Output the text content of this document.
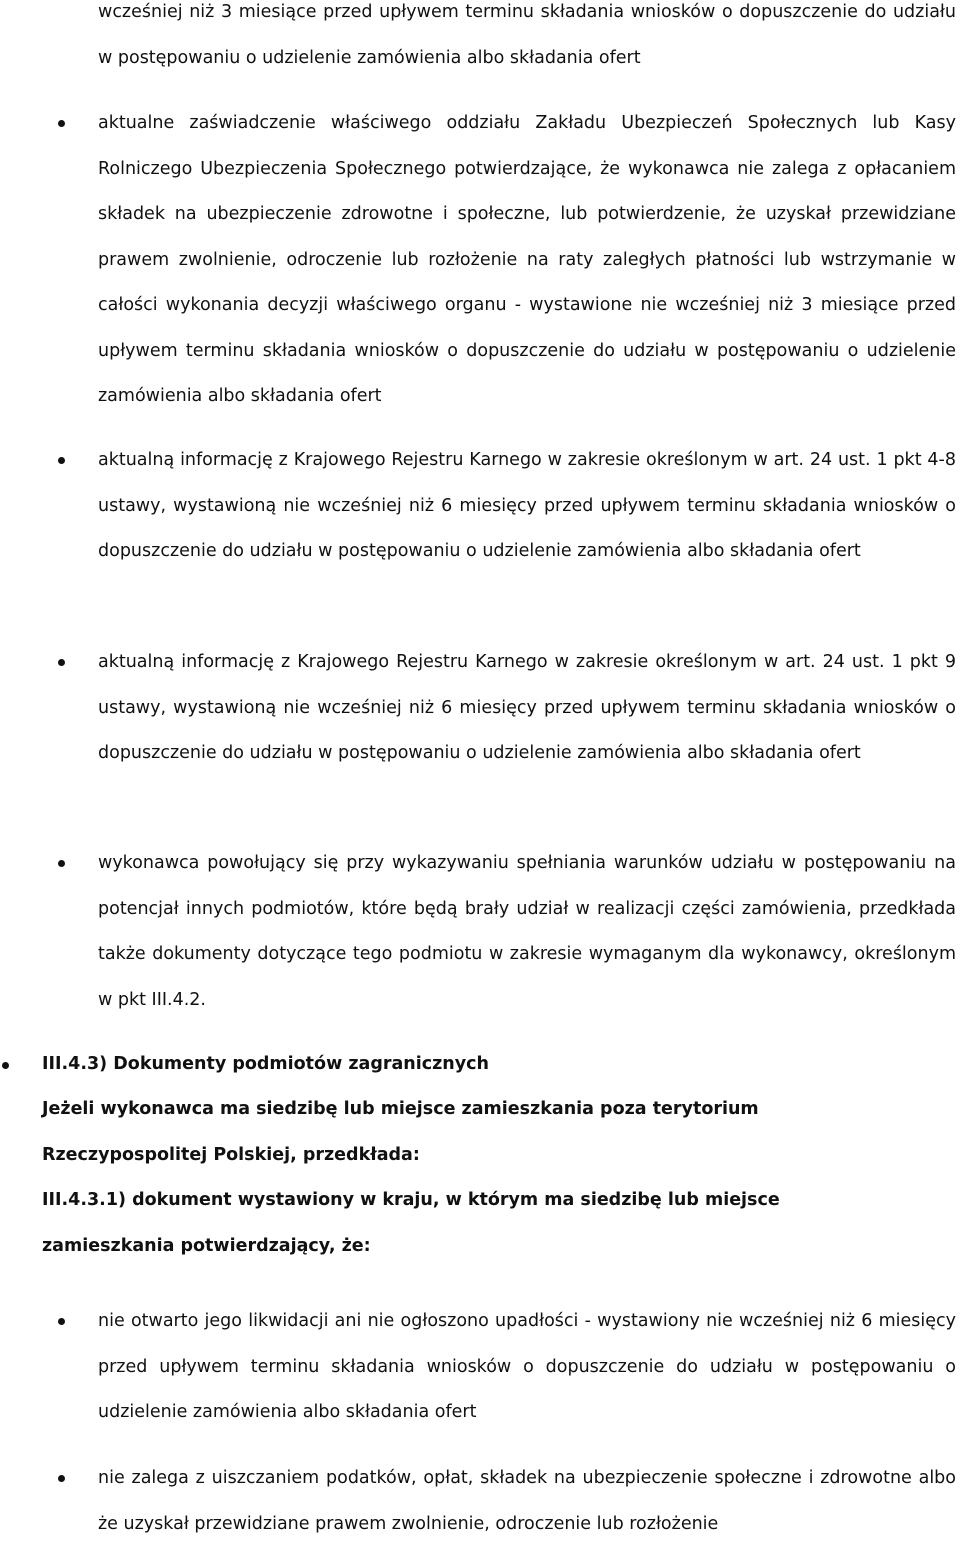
wcześniej niż 3 miesiące przed upływem terminu składania wniosków o dopuszczenie do udziału w postępowaniu o udzielenie zamówienia albo składania ofert

aktualne zaświadczenie właściwego oddziału Zakładu Ubezpieczeń Społecznych lub Kasy Rolniczego Ubezpieczenia Społecznego potwierdzające, że wykonawca nie zalega z opłacaniem składek na ubezpieczenie zdrowotne i społeczne, lub potwierdzenie, że uzyskał przewidziane prawem zwolnienie, odroczenie lub rozłożenie na raty zaległych płatności lub wstrzymanie w całości wykonania decyzji właściwego organu - wystawione nie wcześniej niż 3 miesiące przed upływem terminu składania wniosków o dopuszczenie do udziału w postępowaniu o udzielenie zamówienia albo składania ofert

aktualną informację z Krajowego Rejestru Karnego w zakresie określonym w art. 24 ust. 1 pkt 4-8 ustawy, wystawioną nie wcześniej niż 6 miesięcy przed upływem terminu składania wniosków o dopuszczenie do udziału w postępowaniu o udzielenie zamówienia albo składania ofert

aktualną informację z Krajowego Rejestru Karnego w zakresie określonym w art. 24 ust. 1 pkt 9 ustawy, wystawioną nie wcześniej niż 6 miesięcy przed upływem terminu składania wniosków o dopuszczenie do udziału w postępowaniu o udzielenie zamówienia albo składania ofert

wykonawca powołujący się przy wykazywaniu spełniania warunków udziału w postępowaniu na potencjał innych podmiotów, które będą brały udział w realizacji części zamówienia, przedkłada także dokumenty dotyczące tego podmiotu w zakresie wymaganym dla wykonawcy, określonym w pkt III.4.2.

III.4.3) Dokumenty podmiotów zagranicznych

Jeżeli wykonawca ma siedzibę lub miejsce zamieszkania poza terytorium Rzeczypospolitej Polskiej, przedkłada:

III.4.3.1) dokument wystawiony w kraju, w którym ma siedzibę lub miejsce zamieszkania potwierdzający, że:

nie otwarto jego likwidacji ani nie ogłoszono upadłości - wystawiony nie wcześniej niż 6 miesięcy przed upływem terminu składania wniosków o dopuszczenie do udziału w postępowaniu o udzielenie zamówienia albo składania ofert

nie zalega z uiszczaniem podatków, opłat, składek na ubezpieczenie społeczne i zdrowotne albo że uzyskał przewidziane prawem zwolnienie, odroczenie lub rozłożenie
